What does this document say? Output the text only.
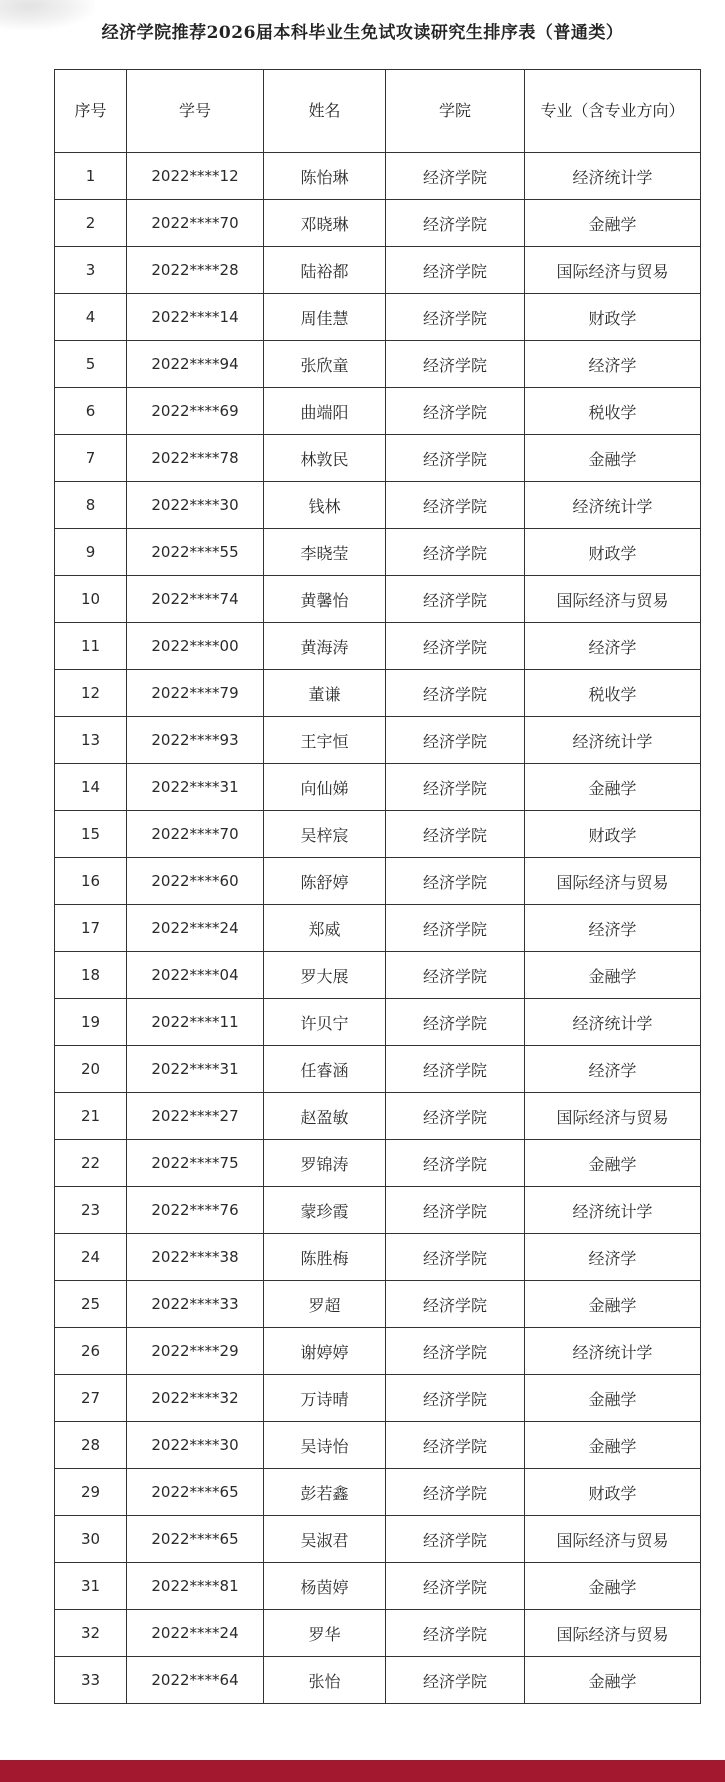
经济学院推荐2026届本科毕业生免试攻读研究生排序表（普通类）
序号	学号	姓名	学院	专业（含专业方向）
1	2022****12	陈怡琳	经济学院	经济统计学
2	2022****70	邓晓琳	经济学院	金融学
3	2022****28	陆裕都	经济学院	国际经济与贸易
4	2022****14	周佳慧	经济学院	财政学
5	2022****94	张欣童	经济学院	经济学
6	2022****69	曲端阳	经济学院	税收学
7	2022****78	林敦民	经济学院	金融学
8	2022****30	钱林	经济学院	经济统计学
9	2022****55	李晓莹	经济学院	财政学
10	2022****74	黄馨怡	经济学院	国际经济与贸易
11	2022****00	黄海涛	经济学院	经济学
12	2022****79	董谦	经济学院	税收学
13	2022****93	王宇恒	经济学院	经济统计学
14	2022****31	向仙娣	经济学院	金融学
15	2022****70	吴梓宸	经济学院	财政学
16	2022****60	陈舒婷	经济学院	国际经济与贸易
17	2022****24	郑威	经济学院	经济学
18	2022****04	罗大展	经济学院	金融学
19	2022****11	许贝宁	经济学院	经济统计学
20	2022****31	任睿涵	经济学院	经济学
21	2022****27	赵盈敏	经济学院	国际经济与贸易
22	2022****75	罗锦涛	经济学院	金融学
23	2022****76	蒙珍霞	经济学院	经济统计学
24	2022****38	陈胜梅	经济学院	经济学
25	2022****33	罗超	经济学院	金融学
26	2022****29	谢婷婷	经济学院	经济统计学
27	2022****32	万诗晴	经济学院	金融学
28	2022****30	吴诗怡	经济学院	金融学
29	2022****65	彭若鑫	经济学院	财政学
30	2022****65	吴淑君	经济学院	国际经济与贸易
31	2022****81	杨茵婷	经济学院	金融学
32	2022****24	罗华	经济学院	国际经济与贸易
33	2022****64	张怡	经济学院	金融学
